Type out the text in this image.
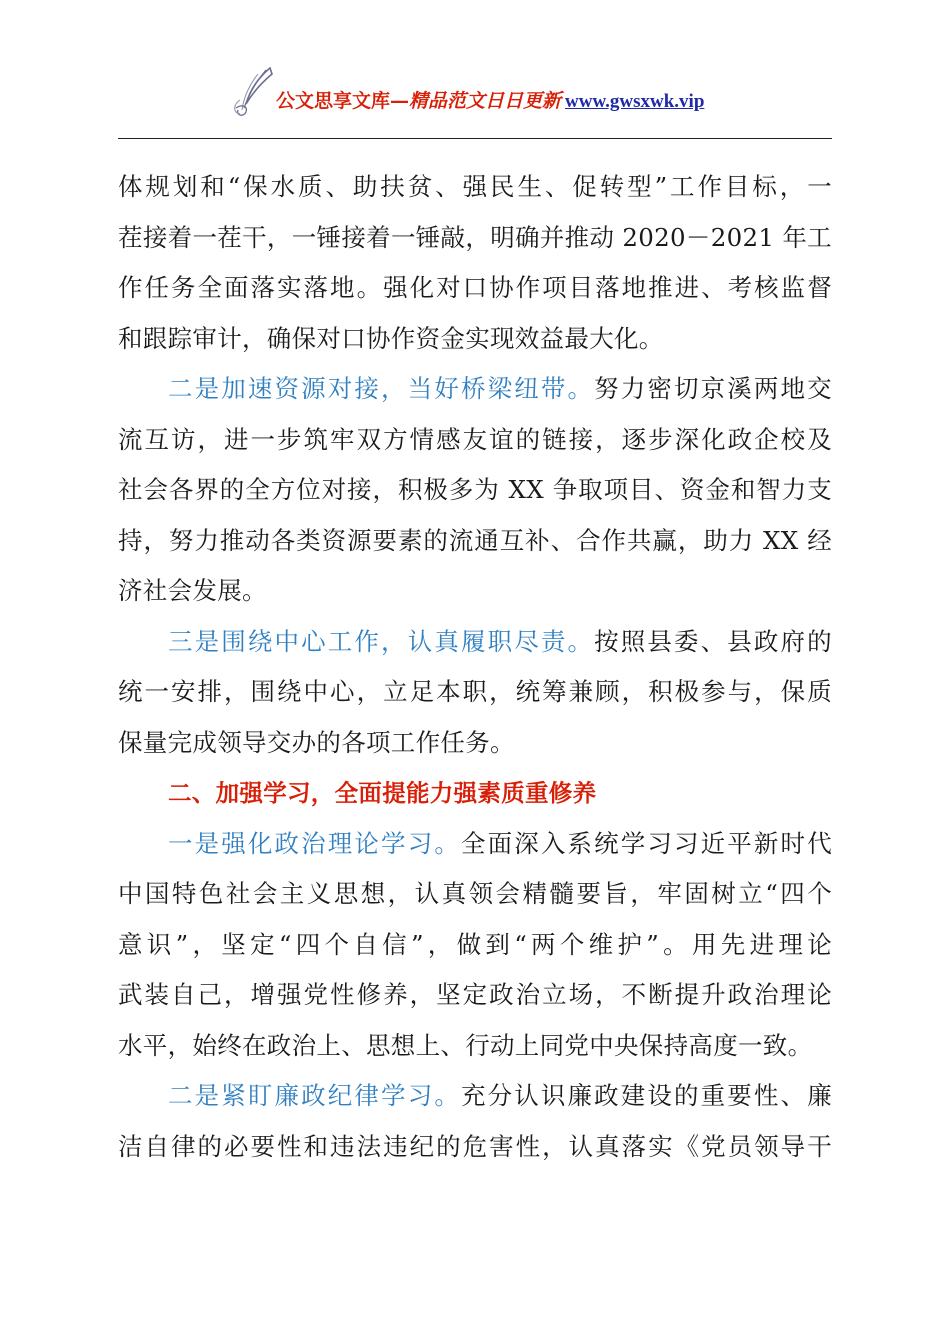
公文思享文库—精品范文日日更新 www.gwsxwk.vip
体规划和“保水质、助扶贫、强民生、促转型”工作目标，一
茬接着一茬干，一锤接着一锤敲，明确并推动 2020－2021 年工
作任务全面落实落地。强化对口协作项目落地推进、考核监督
和跟踪审计，确保对口协作资金实现效益最大化。
二是加速资源对接，当好桥梁纽带。努力密切京溪两地交
流互访，进一步筑牢双方情感友谊的链接，逐步深化政企校及
社会各界的全方位对接，积极多为 XX 争取项目、资金和智力支
持，努力推动各类资源要素的流通互补、合作共赢，助力 XX 经
济社会发展。
三是围绕中心工作，认真履职尽责。按照县委、县政府的
统一安排，围绕中心，立足本职，统筹兼顾，积极参与，保质
保量完成领导交办的各项工作任务。
二、加强学习，全面提能力强素质重修养
一是强化政治理论学习。全面深入系统学习习近平新时代
中国特色社会主义思想，认真领会精髓要旨，牢固树立“四个
意识”，坚定“四个自信”，做到“两个维护”。用先进理论
武装自己，增强党性修养，坚定政治立场，不断提升政治理论
水平，始终在政治上、思想上、行动上同党中央保持高度一致。
二是紧盯廉政纪律学习。充分认识廉政建设的重要性、廉
洁自律的必要性和违法违纪的危害性，认真落实《党员领导干
